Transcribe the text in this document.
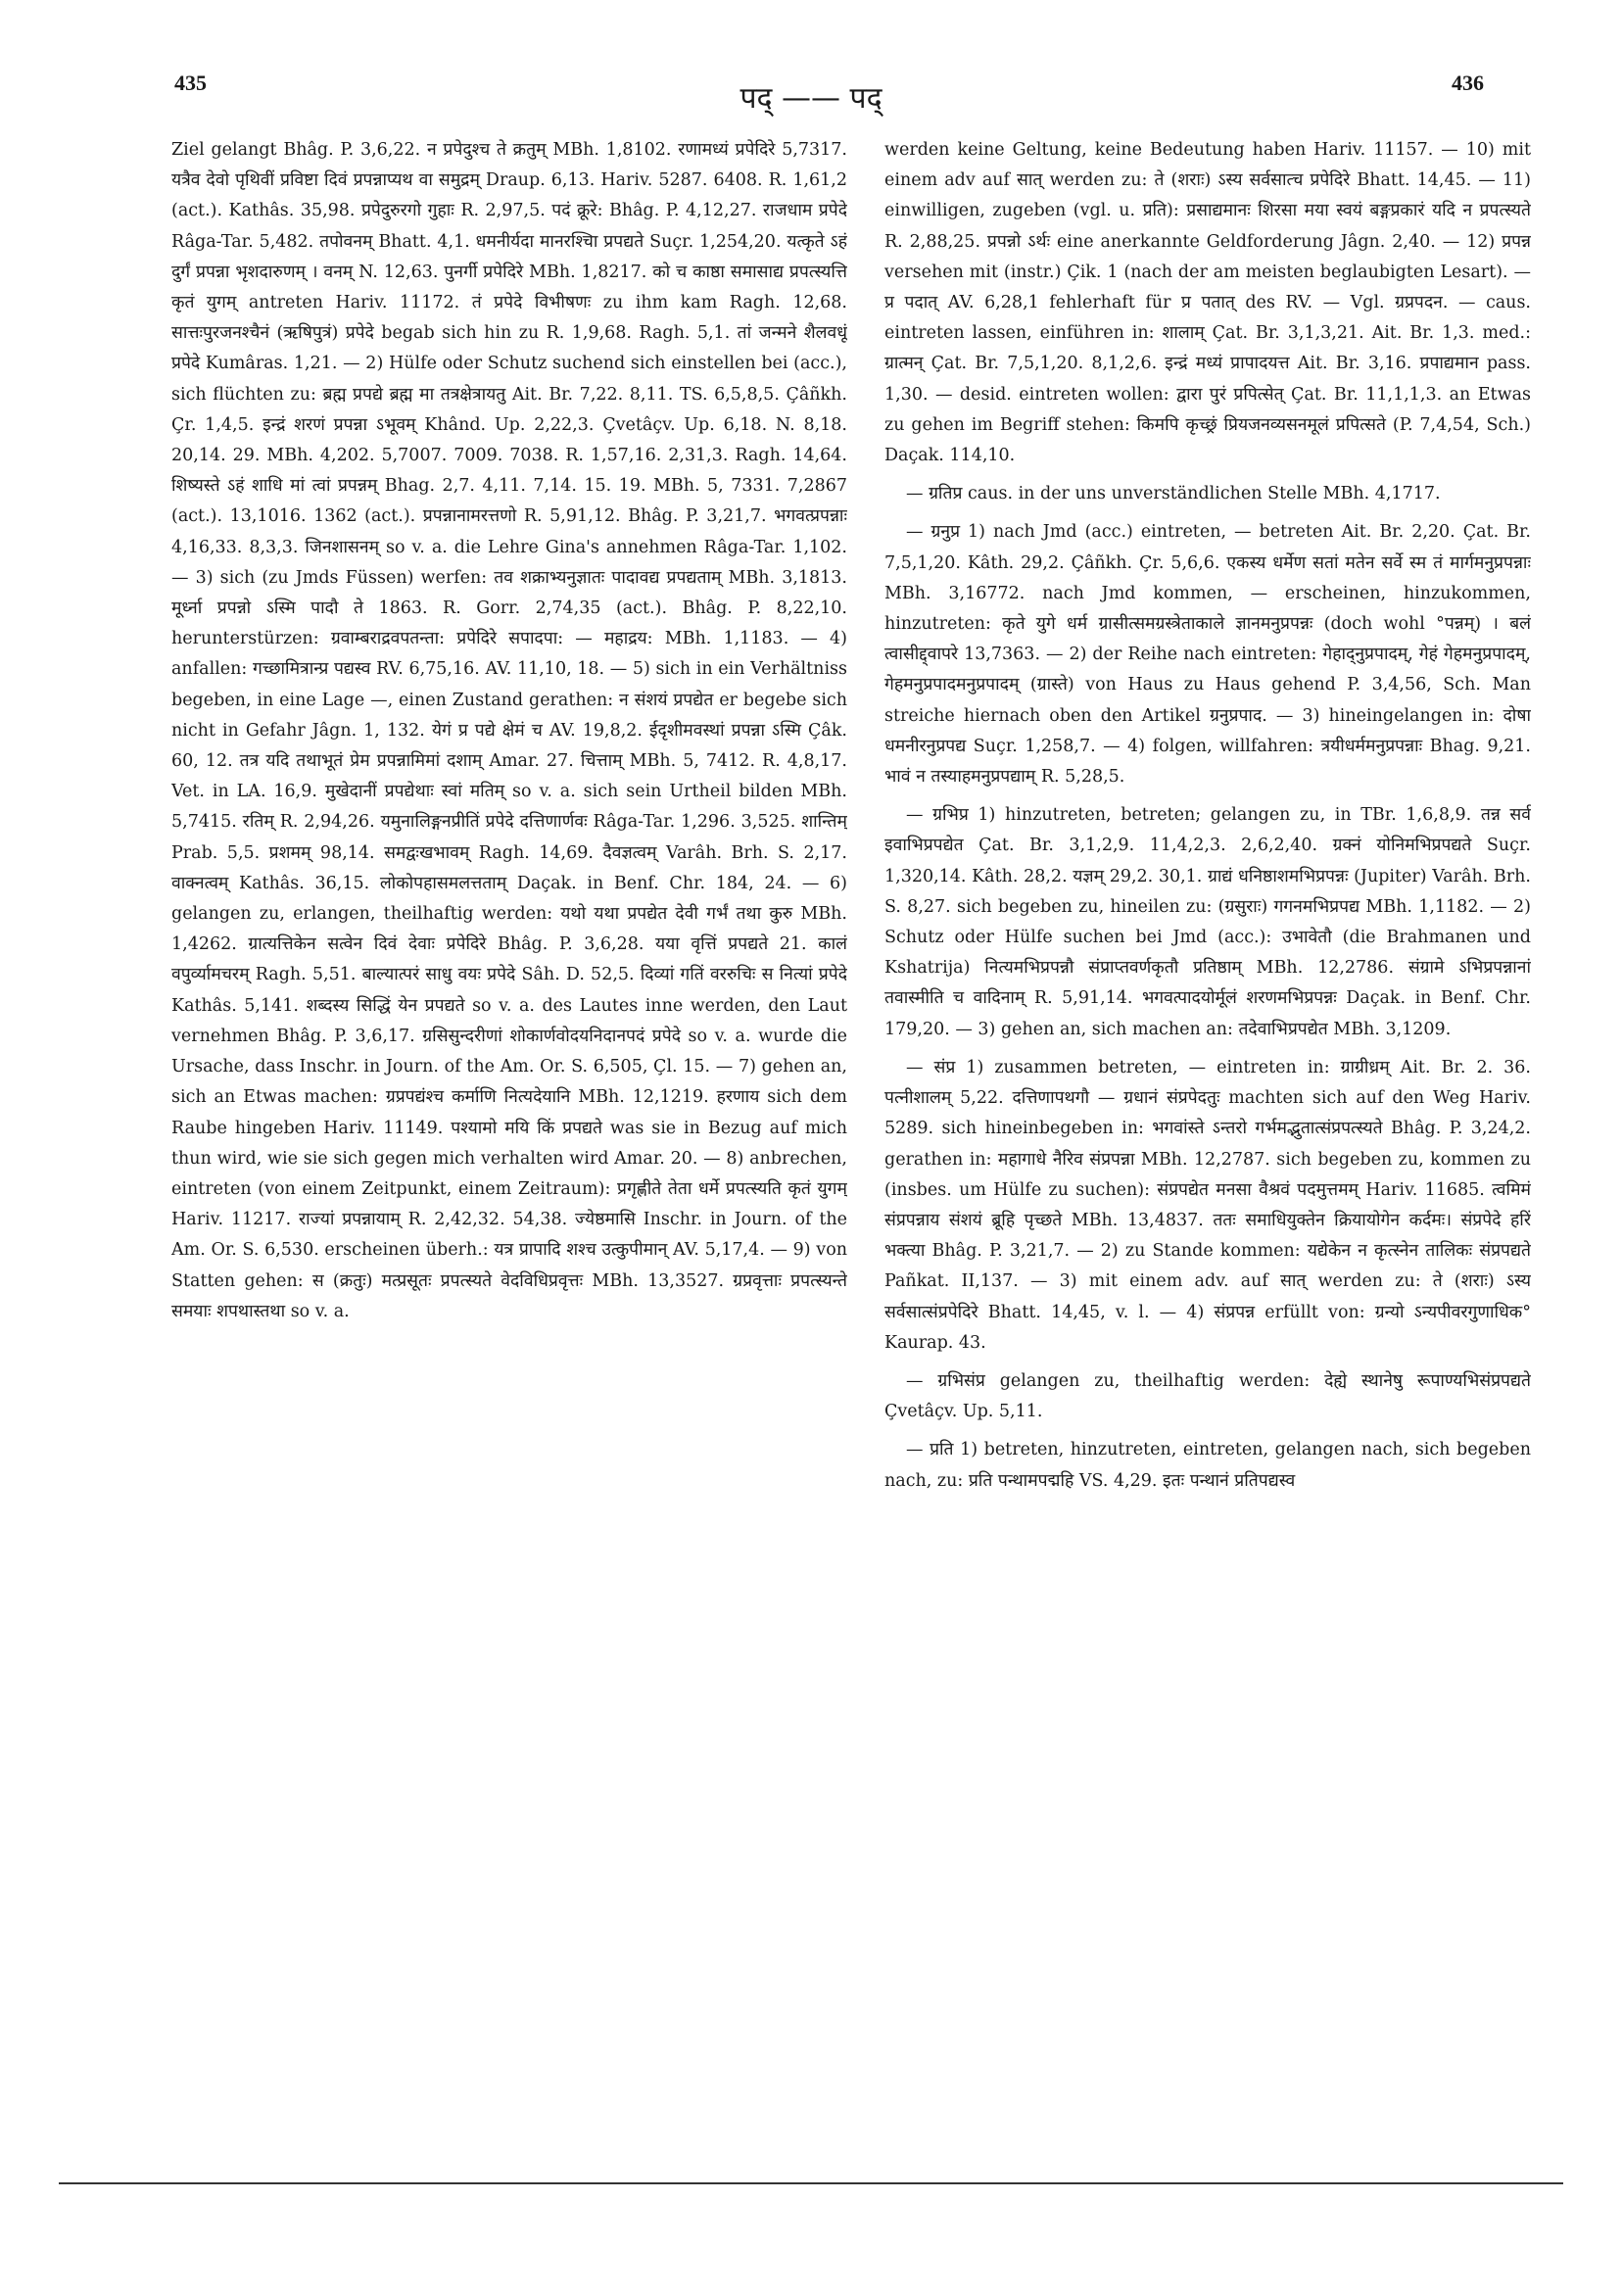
435	पद् —— पद्	436

Ziel gelangt Bhâg. P. 3,6,22. न प्रपेदुश्च ते क्रतुम् MBh. 1,8102. रणामध्यं प्रपेदिरे 5,7317. यत्रैव देवो पृथिवीं प्रविष्टा दिवं प्रपन्नाप्यथ वा समुद्रम् Draup. 6,13. Hariv. 5287. 6408. R. 1,61,2 (act.). Kathâs. 35,98. प्रपेदुरुरगो गुहाः R. 2,97,5. पदं क्रूरे: Bhâg. P. 4,12,27. राजधाम प्रपेदे Râga-Tar. 5,482. तपोवनम् Bhatt. 4,1. धमनीर्यदा मानरश्चिा प्रपद्यते Suçr. 1,254,20. यत्कृते ऽहं दुर्गं प्रपन्ना भृशदारुणम् । वनम् N. 12,63. पुनर्गी प्रपेदिरे MBh. 1,8217. को च काष्ठा समासाद्य प्रपत्स्यत्ति कृतं युगम् antreten Hariv. 11172. तं प्रपेदे विभीषणः zu ihm kam Ragh. 12,68. सात्तःपुरजनश्चैनं (ऋषिपुत्रं) प्रपेदे begab sich hin zu R. 1,9,68. Ragh. 5,1. तां जन्मने शैलवधूं प्रपेदे Kumâras. 1,21. — 2) Hülfe oder Schutz suchend sich einstellen bei (acc.), sich flüchten zu: ब्रह्म प्रपद्ये ब्रह्म मा तत्रक्षेत्रायतु Ait. Br. 7,22. 8,11. TS. 6,5,8,5. Çâñkh. Çr. 1,4,5. इन्द्रं शरणं प्रपन्ना ऽभूवम् Khând. Up. 2,22,3. Çvetâçv. Up. 6,18. N. 8,18. 20,14. 29. MBh. 4,202. 5,7007. 7009. 7038. R. 1,57,16. 2,31,3. Ragh. 14,64. शिष्यस्ते ऽहं शाधि मां त्वां प्रपन्नम् Bhag. 2,7. 4,11. 7,14. 15. 19. MBh. 5, 7331. 7,2867 (act.). 13,1016. 1362 (act.). प्रपन्नानामरत्तणो R. 5,91,12. Bhâg. P. 3,21,7. भगवत्प्रपन्नाः 4,16,33. 8,3,3. जिनशासनम् so v. a. die Lehre Gina's annehmen Râga-Tar. 1,102. — 3) sich (zu Jmds Füssen) werfen: तव शक्राभ्यनुज्ञातः पादावद्य प्रपद्यताम् MBh. 3,1813. मूर्ध्ना प्रपन्नो ऽस्मि पादौ ते 1863. R. Gorr. 2,74,35 (act.). Bhâg. P. 8,22,10. herunterstürzen: ग्रवाम्बराद्रवपतन्ता: प्रपेदिरे सपादपा: — महाद्रय: MBh. 1,1183. — 4) anfallen: गच्छामित्रान्प्र पद्यस्व RV. 6,75,16. AV. 11,10, 18. — 5) sich in ein Verhältniss begeben, in eine Lage —, einen Zustand gerathen: न संशयं प्रपद्येत er begebe sich nicht in Gefahr Jâgn. 1, 132. येगं प्र पद्ये क्षेमं च AV. 19,8,2. ईदृशीमवस्थां प्रपन्ना ऽस्मि Çâk. 60, 12. तत्र यदि तथाभूतं प्रेम प्रपन्नामिमां दशाम् Amar. 27. चित्ताम् MBh. 5, 7412. R. 4,8,17. Vet. in LA. 16,9. मुखेदानीं प्रपद्येथाः स्वां मतिम् so v. a. sich sein Urtheil bilden MBh. 5,7415. रतिम् R. 2,94,26. यमुनालिङ्गनप्रीतिं प्रपेदे दत्तिणार्णवः Râga-Tar. 1,296. 3,525. शान्तिम् Prab. 5,5. प्रशमम् 98,14. समद्वःखभावम् Ragh. 14,69. दैवज्ञत्वम् Varâh. Brh. S. 2,17. वाक्नत्वम् Kathâs. 36,15. लोकोपहासमलत्तताम् Daçak. in Benf. Chr. 184, 24. — 6) gelangen zu, erlangen, theilhaftig werden: यथो यथा प्रपद्येत देवी गर्भं तथा कुरु MBh. 1,4262. ग्रात्यत्तिकेन सत्वेन दिवं देवाः प्रपेदिरे Bhâg. P. 3,6,28. यया वृत्तिं प्रपद्यते 21. कालं वपुर्व्यामचरम् Ragh. 5,51. बाल्यात्परं साधु वयः प्रपेदे Sâh. D. 52,5. दिव्यां गतिं वररुचिः स नित्यां प्रपेदे Kathâs. 5,141. शब्दस्य सिद्धिं येन प्रपद्यते so v. a. des Lautes inne werden, den Laut vernehmen Bhâg. P. 3,6,17. ग्रसिसुन्दरीणां शोकार्णवोदयनिदानपदं प्रपेदे so v. a. wurde die Ursache, dass Inschr. in Journ. of the Am. Or. S. 6,505, Çl. 15. — 7) gehen an, sich an Etwas machen: ग्रप्रपद्यंश्च कर्माणि नित्यदेयानि MBh. 12,1219. हरणाय sich dem Raube hingeben Hariv. 11149. पश्यामो मयि किं प्रपद्यते was sie in Bezug auf mich thun wird, wie sie sich gegen mich verhalten wird Amar. 20. — 8) anbrechen, eintreten (von einem Zeitpunkt, einem Zeitraum): प्रगृह्णीते तेता धर्मे प्रपत्स्यति कृतं युगम् Hariv. 11217. राज्यां प्रपन्नायाम् R. 2,42,32. 54,38. ज्येष्ठमासि Inschr. in Journ. of the Am. Or. S. 6,530. erscheinen überh.: यत्र प्रापादि शश्च उत्कुपीमान् AV. 5,17,4. — 9) von Statten gehen: स (क्रतुः) मत्प्रसूतः प्रपत्स्यते वेदविधिप्रवृत्तः MBh. 13,3527. ग्रप्रवृत्ताः प्रपत्स्यन्ते समयाः शपथास्तथा so v. a.

werden keine Geltung, keine Bedeutung haben Hariv. 11157. — 10) mit einem adv auf सात् werden zu: ते (शराः) ऽस्य सर्वसात्च प्रपेदिरे Bhatt. 14,45. — 11) einwilligen, zugeben (vgl. u. प्रति): प्रसाद्यमानः शिरसा मया स्वयं बङ्गप्रकारं यदि न प्रपत्स्यते R. 2,88,25. प्रपन्नो ऽर्थः eine anerkannte Geldforderung Jâgn. 2,40. — 12) प्रपन्न versehen mit (instr.) Çik. 1 (nach der am meisten beglaubigten Lesart). — प्र पदात् AV. 6,28,1 fehlerhaft für प्र पतात् des RV. — Vgl. ग्रप्रपदन. — caus. eintreten lassen, einführen in: शालाम् Çat. Br. 3,1,3,21. Ait. Br. 1,3. med.: ग्रात्मन् Çat. Br. 7,5,1,20. 8,1,2,6. इन्द्रं मध्यं प्रापादयत्त Ait. Br. 3,16. प्रपाद्यमान pass. 1,30. — desid. eintreten wollen: द्वारा पुरं प्रपित्सेत् Çat. Br. 11,1,1,3. an Etwas zu gehen im Begriff stehen: किमपि कृच्छ्रं प्रियजनव्यसनमूलं प्रपित्सते (P. 7,4,54, Sch.) Daçak. 114,10.

— ग्रतिप्र caus. in der uns unverständlichen Stelle MBh. 4,1717.

— ग्रनुप्र 1) nach Jmd (acc.) eintreten, — betreten Ait. Br. 2,20. Çat. Br. 7,5,1,20. Kâth. 29,2. Çâñkh. Çr. 5,6,6. एकस्य धर्मेण सतां मतेन सर्वे स्म तं मार्गमनुप्रपन्नाः MBh. 3,16772. nach Jmd kommen, — erscheinen, hinzukommen, hinzutreten: कृते युगे धर्म ग्रासीत्समग्रस्त्रेताकाले ज्ञानमनुप्रपन्नः (doch wohl °पन्नम्) । बलं त्वासीद्द्वापरे 13,7363. — 2) der Reihe nach eintreten: गेहाद्नुप्रपादम्, गेहं गेहमनुप्रपादम्, गेहमनुप्रपादमनुप्रपादम् (ग्रास्ते) von Haus zu Haus gehend P. 3,4,56, Sch. Man streiche hiernach oben den Artikel ग्रनुप्रपाद. — 3) hineingelangen in: दोषा धमनीरनुप्रपद्य Suçr. 1,258,7. — 4) folgen, willfahren: त्रयीधर्ममनुप्रपन्नाः Bhag. 9,21. भावं न तस्याहमनुप्रपद्याम् R. 5,28,5.

— ग्रभिप्र 1) hinzutreten, betreten; gelangen zu, in TBr. 1,6,8,9. तन्न सर्व इवाभिप्रपद्येत Çat. Br. 3,1,2,9. 11,4,2,3. 2,6,2,40. ग्रक्नं योनिमभिप्रपद्यते Suçr. 1,320,14. Kâth. 28,2. यज्ञम् 29,2. 30,1. ग्राद्यं धनिष्ठाशमभिप्रपन्नः (Jupiter) Varâh. Brh. S. 8,27. sich begeben zu, hineilen zu: (ग्रसुराः) गगनमभिप्रपद्य MBh. 1,1182. — 2) Schutz oder Hülfe suchen bei Jmd (acc.): उभावेतौ (die Brahmanen und Kshatrija) नित्यमभिप्रपन्नौ संप्राप्तवर्णकृतौ प्रतिष्ठाम् MBh. 12,2786. संग्रामे ऽभिप्रपन्नानां तवास्मीति च वादिनाम् R. 5,91,14. भगवत्पादयोर्मूलं शरणमभिप्रपन्नः Daçak. in Benf. Chr. 179,20. — 3) gehen an, sich machen an: तदेवाभिप्रपद्येत MBh. 3,1209.

— संप्र 1) zusammen betreten, — eintreten in: ग्राग्रीध्रम् Ait. Br. 2. 36. पत्नीशालम् 5,22. दत्तिणापथगौ — ग्रधानं संप्रपेदतुः machten sich auf den Weg Hariv. 5289. sich hineinbegeben in: भगवांस्ते ऽन्तरो गर्भमद्भुतात्संप्रपत्स्यते Bhâg. P. 3,24,2. gerathen in: महागाधे नैरिव संप्रपन्ना MBh. 12,2787. sich begeben zu, kommen zu (insbes. um Hülfe zu suchen): संप्रपद्येत मनसा वैश्रवं पदमुत्तमम् Hariv. 11685. त्वमिमं संप्रपन्नाय संशयं ब्रूहि पृच्छते MBh. 13,4837. ततः समाधियुक्तेन क्रियायोगेन कर्दमः। संप्रपेदे हरिं भक्त्या Bhâg. P. 3,21,7. — 2) zu Stande kommen: यद्येकेन न कृत्स्नेन तालिकः संप्रपद्यते Pañkat. II,137. — 3) mit einem adv. auf सात् werden zu: ते (शराः) ऽस्य सर्वसात्संप्रपेदिरे Bhatt. 14,45, v. l. — 4) संप्रपन्न erfüllt von: ग्रन्यो ऽन्यपीवरगुणाधिक° Kaurap. 43.

— ग्रभिसंप्र gelangen zu, theilhaftig werden: देह्ये स्थानेषु रूपाण्यभिसंप्रपद्यते Çvetâçv. Up. 5,11.

— प्रति 1) betreten, hinzutreten, eintreten, gelangen nach, sich begeben nach, zu: प्रति पन्थामपद्महि VS. 4,29. इतः पन्थानं प्रतिपद्यस्व
